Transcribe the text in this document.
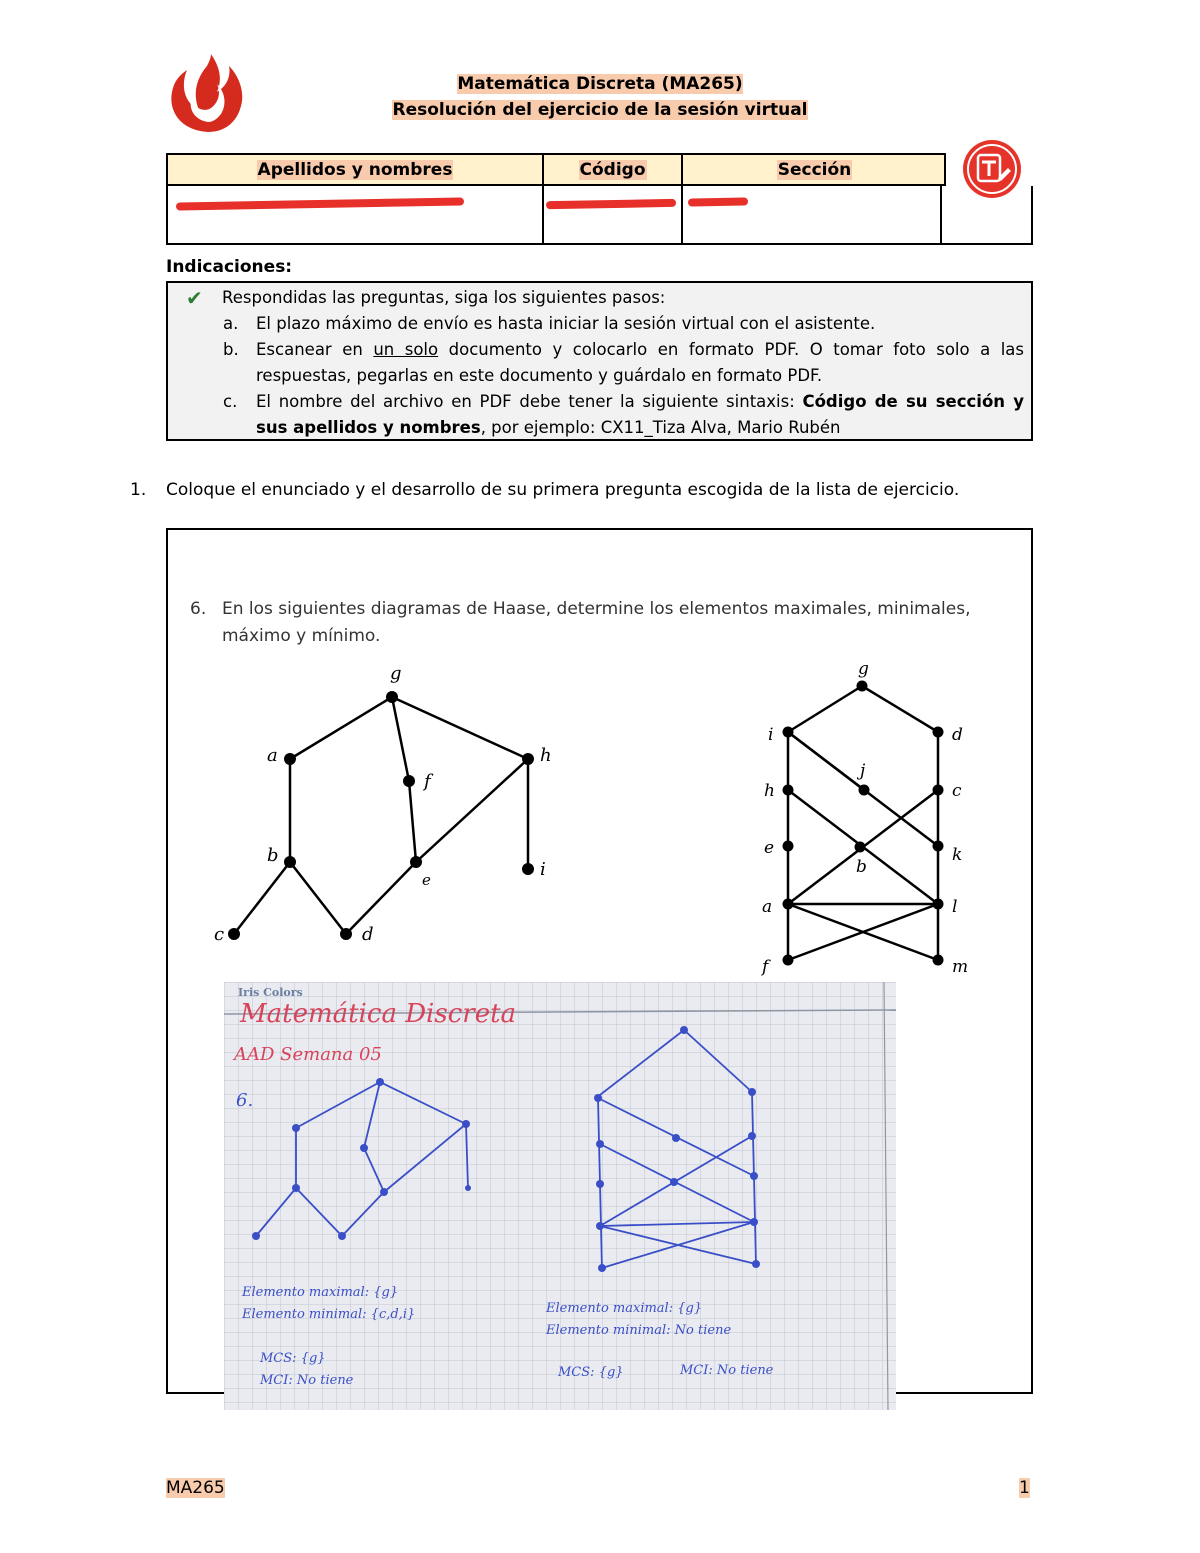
Matemática Discreta (MA265)
Resolución del ejercicio de la sesión virtual
Apellidos y nombres	Código	Sección
Indicaciones:
✔ Respondidas las preguntas, siga los siguientes pasos:
a. El plazo máximo de envío es hasta iniciar la sesión virtual con el asistente.
b. Escanear en un solo documento y colocarlo en formato PDF. O tomar foto solo a las respuestas, pegarlas en este documento y guárdalo en formato PDF.
c. El nombre del archivo en PDF debe tener la siguiente sintaxis: Código de su sección y sus apellidos y nombres, por ejemplo: CX11_Tiza Alva, Mario Rubén
1. Coloque el enunciado y el desarrollo de su primera pregunta escogida de la lista de ejercicio.
6. En los siguientes diagramas de Haase, determine los elementos maximales, minimales, máximo y mínimo.
g
a
f
h
b
e	i
c	d
g
i	d
j
h	c
e
b
k
a	l
f	m
Iris Colors
Matemática Discreta
AAD Semana 05
6.
Elemento maximal: {g}
Elemento minimal: {c,d,i}
MCS: {g}
MCI: No tiene
Elemento maximal: {g}
Elemento minimal: No tiene
MCS: {g}	MCI: No tiene
MA265	1
